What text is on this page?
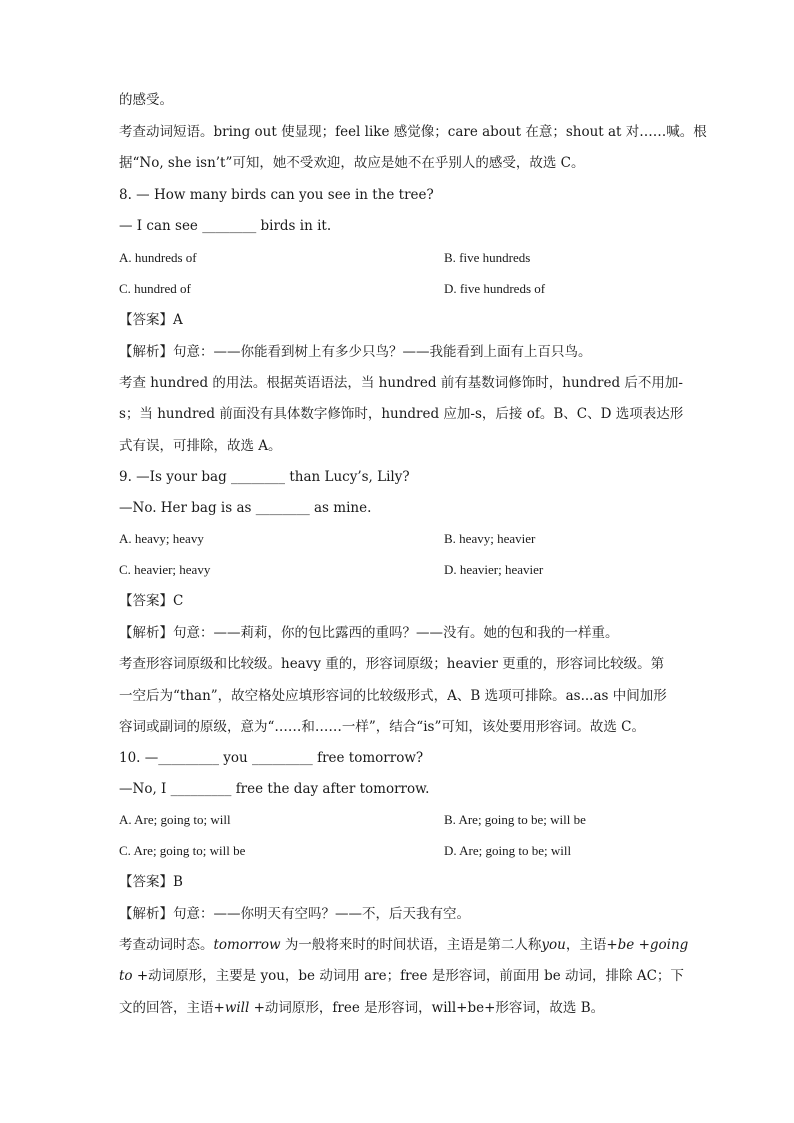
的感受。
考查动词短语。bring out 使显现；feel like 感觉像；care about 在意；shout at 对……喊。根
据“No, she isn’t”可知，她不受欢迎，故应是她不在乎别人的感受，故选 C。
8. — How many birds can you see in the tree?
— I can see ________ birds in it.
A. hundreds of	B. five hundreds
C. hundred of	D. five hundreds of
【答案】A
【解析】句意：——你能看到树上有多少只鸟？——我能看到上面有上百只鸟。
考查 hundred 的用法。根据英语语法，当 hundred 前有基数词修饰时，hundred 后不用加-
s；当 hundred 前面没有具体数字修饰时，hundred 应加-s，后接 of。B、C、D 选项表达形
式有误，可排除，故选 A。
9. —Is your bag ________ than Lucy’s, Lily?
—No. Her bag is as ________ as mine.
A. heavy; heavy	B. heavy; heavier
C. heavier; heavy	D. heavier; heavier
【答案】C
【解析】句意：——莉莉，你的包比露西的重吗？——没有。她的包和我的一样重。
考查形容词原级和比较级。heavy 重的，形容词原级；heavier 更重的，形容词比较级。第
一空后为“than”，故空格处应填形容词的比较级形式，A、B 选项可排除。as...as 中间加形
容词或副词的原级，意为“……和……一样”，结合“is”可知，该处要用形容词。故选 C。
10. —_________ you _________ free tomorrow?
—No, I _________ free the day after tomorrow.
A. Are; going to; will	B. Are; going to be; will be
C. Are; going to; will be	D. Are; going to be; will
【答案】B
【解析】句意：——你明天有空吗？——不，后天我有空。
考查动词时态。tomorrow 为一般将来时的时间状语，主语是第二人称you，主语+be +going
to +动词原形，主要是 you，be 动词用 are；free 是形容词，前面用 be 动词，排除 AC；下
文的回答，主语+will +动词原形，free 是形容词，will+be+形容词，故选 B。
